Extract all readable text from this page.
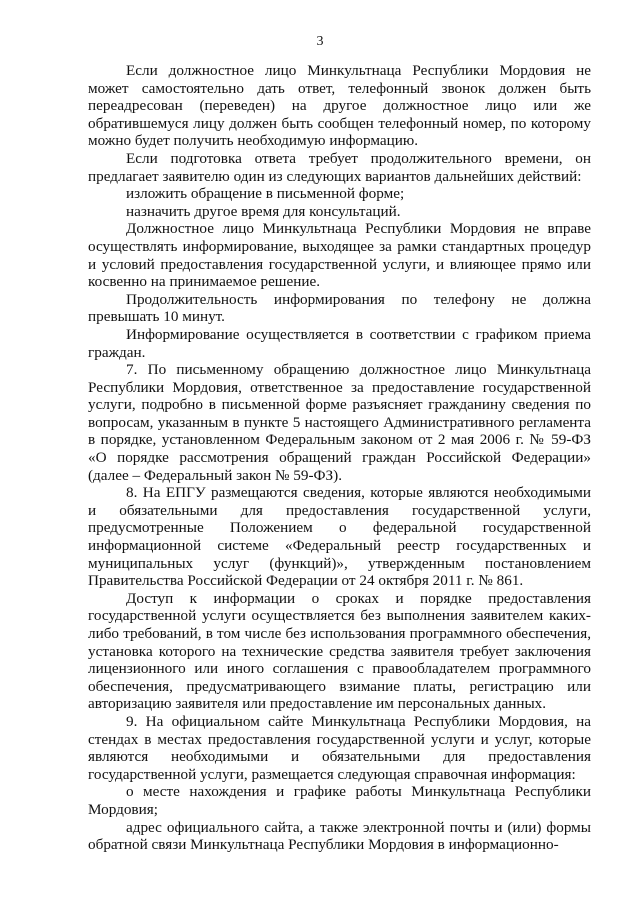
3

Если должностное лицо Минкультнаца Республики Мордовия не может самостоятельно дать ответ, телефонный звонок должен быть переадресован (переведен) на другое должностное лицо или же обратившемуся лицу должен быть сообщен телефонный номер, по которому можно будет получить необходимую информацию.

Если подготовка ответа требует продолжительного времени, он предлагает заявителю один из следующих вариантов дальнейших действий:

изложить обращение в письменной форме;

назначить другое время для консультаций.

Должностное лицо Минкультнаца Республики Мордовия не вправе осуществлять информирование, выходящее за рамки стандартных процедур и условий предоставления государственной услуги, и влияющее прямо или косвенно на принимаемое решение.

Продолжительность информирования по телефону не должна превышать 10 минут.

Информирование осуществляется в соответствии с графиком приема граждан.

7. По письменному обращению должностное лицо Минкультнаца Республики Мордовия, ответственное за предоставление государственной услуги, подробно в письменной форме разъясняет гражданину сведения по вопросам, указанным в пункте 5 настоящего Административного регламента в порядке, установленном Федеральным законом от 2 мая 2006 г. № 59-ФЗ «О порядке рассмотрения обращений граждан Российской Федерации» (далее – Федеральный закон № 59-ФЗ).

8. На ЕПГУ размещаются сведения, которые являются необходимыми и обязательными для предоставления государственной услуги, предусмотренные Положением о федеральной государственной информационной системе «Федеральный реестр государственных и муниципальных услуг (функций)», утвержденным постановлением Правительства Российской Федерации от 24 октября 2011 г. № 861.

Доступ к информации о сроках и порядке предоставления государственной услуги осуществляется без выполнения заявителем каких-либо требований, в том числе без использования программного обеспечения, установка которого на технические средства заявителя требует заключения лицензионного или иного соглашения с правообладателем программного обеспечения, предусматривающего взимание платы, регистрацию или авторизацию заявителя или предоставление им персональных данных.

9. На официальном сайте Минкультнаца Республики Мордовия, на стендах в местах предоставления государственной услуги и услуг, которые являются необходимыми и обязательными для предоставления государственной услуги, размещается следующая справочная информация:

о месте нахождения и графике работы Минкультнаца Республики Мордовия;

адрес официального сайта, а также электронной почты и (или) формы обратной связи Минкультнаца Республики Мордовия в информационно-
